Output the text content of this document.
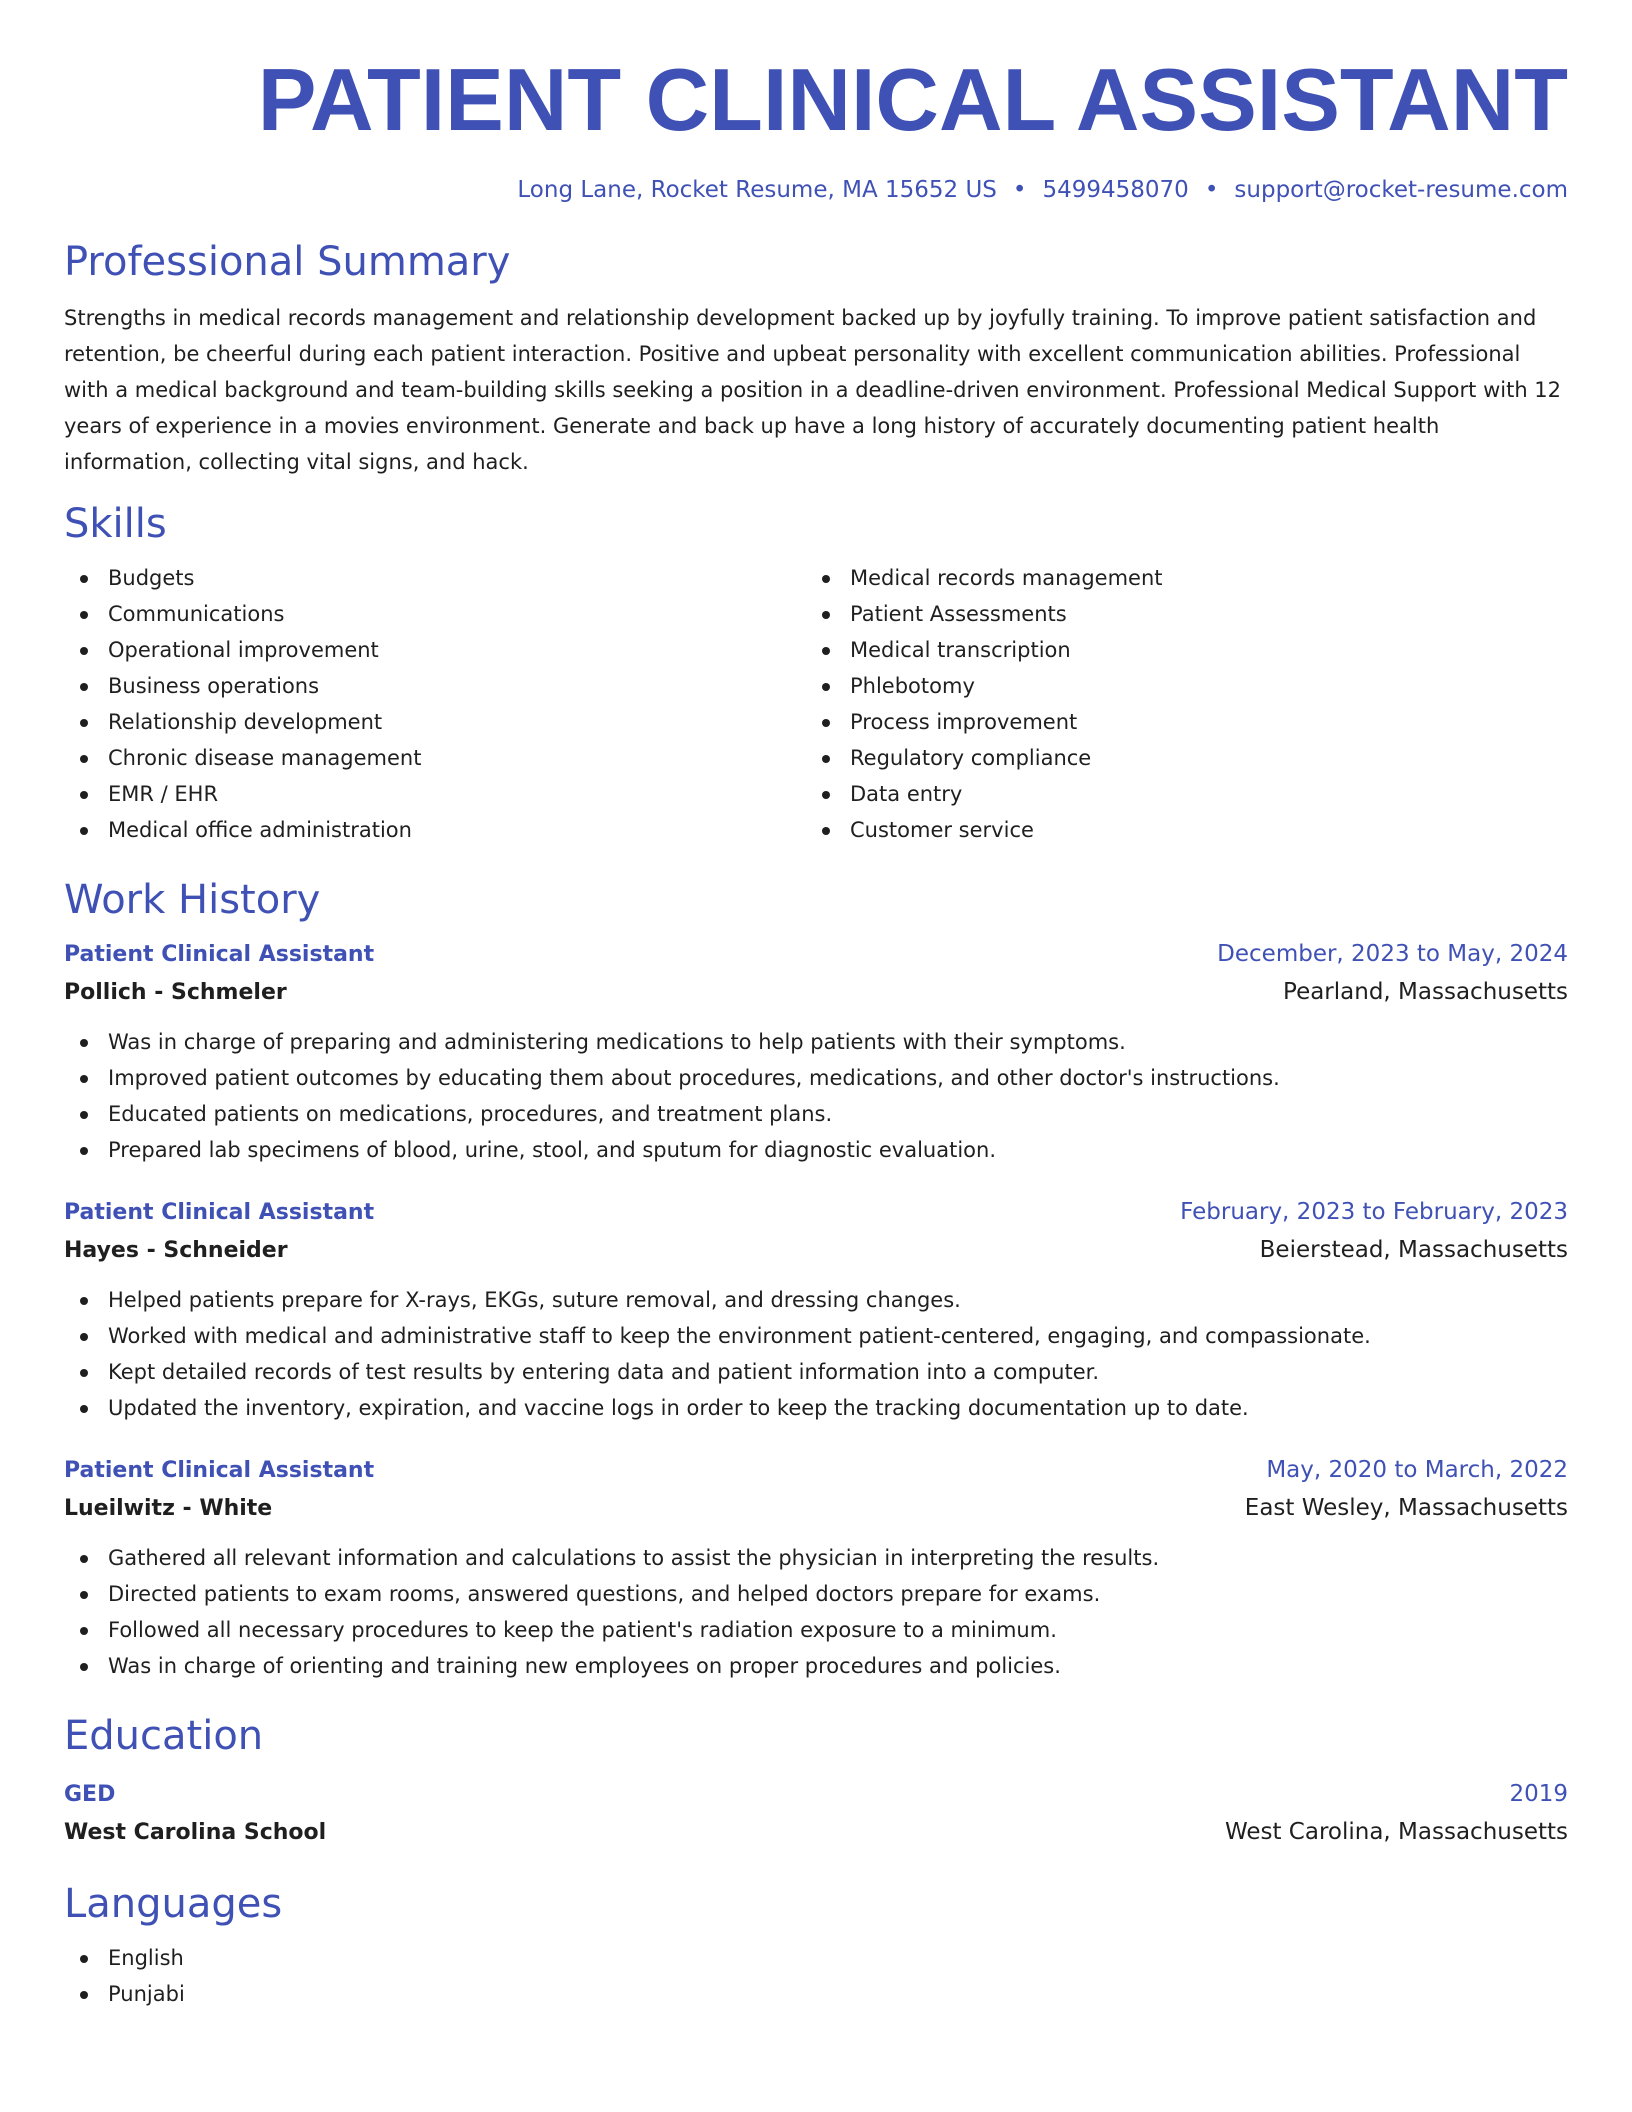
PATIENT CLINICAL ASSISTANT
Long Lane, Rocket Resume, MA 15652 US • 5499458070 • support@rocket-resume.com
Professional Summary

Strengths in medical records management and relationship development backed up by joyfully training. To improve patient satisfaction and retention, be cheerful during each patient interaction. Positive and upbeat personality with excellent communication abilities. Professional with a medical background and team-building skills seeking a position in a deadline-driven environment. Professional Medical Support with 12 years of experience in a movies environment. Generate and back up have a long history of accurately documenting patient health information, collecting vital signs, and hack.

Skills
Budgets
Communications
Operational improvement
Business operations
Relationship development
Chronic disease management
EMR / EHR
Medical office administration
Medical records management
Patient Assessments
Medical transcription
Phlebotomy
Process improvement
Regulatory compliance
Data entry
Customer service
Work History
Patient Clinical Assistant	December, 2023 to May, 2024
Pollich - Schmeler	Pearland, Massachusetts
Was in charge of preparing and administering medications to help patients with their symptoms.
Improved patient outcomes by educating them about procedures, medications, and other doctor's instructions.
Educated patients on medications, procedures, and treatment plans.
Prepared lab specimens of blood, urine, stool, and sputum for diagnostic evaluation.
Patient Clinical Assistant	February, 2023 to February, 2023
Hayes - Schneider	Beierstead, Massachusetts
Helped patients prepare for X-rays, EKGs, suture removal, and dressing changes.
Worked with medical and administrative staff to keep the environment patient-centered, engaging, and compassionate.
Kept detailed records of test results by entering data and patient information into a computer.
Updated the inventory, expiration, and vaccine logs in order to keep the tracking documentation up to date.
Patient Clinical Assistant	May, 2020 to March, 2022
Lueilwitz - White	East Wesley, Massachusetts
Gathered all relevant information and calculations to assist the physician in interpreting the results.
Directed patients to exam rooms, answered questions, and helped doctors prepare for exams.
Followed all necessary procedures to keep the patient's radiation exposure to a minimum.
Was in charge of orienting and training new employees on proper procedures and policies.
Education
GED	2019
West Carolina School	West Carolina, Massachusetts
Languages
English
Punjabi
